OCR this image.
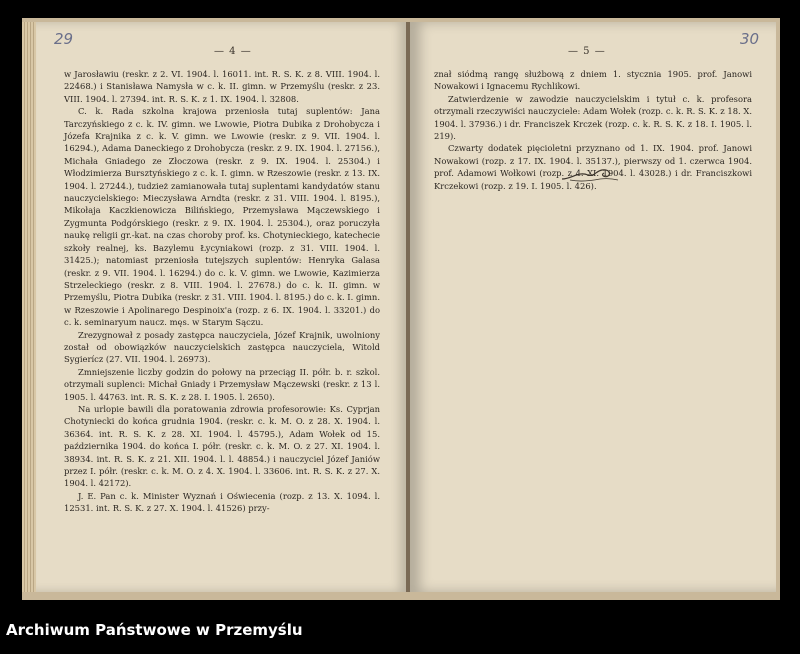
29
— 4 —

w Jarosławiu (reskr. z 2. VI. 1904. l. 16011. int. R. S. K. z 8. VIII. 1904. l. 22468.) i Stanisława Namysła w c. k. II. gimn. w Przemyślu (reskr. z 23. VIII. 1904. l. 27394. int. R. S. K. z 1. IX. 1904. l. 32808.

C. k. Rada szkolna krajowa przeniosła tutaj suplentów: Jana Tarczyńskiego z c. k. IV. gimn. we Lwowie, Piotra Dubika z Drohobycza i Józefa Krajnika z c. k. V. gimn. we Lwowie (reskr. z 9. VII. 1904. l. 16294.), Adama Daneckiego z Drohobycza (reskr. z 9. IX. 1904. l. 27156.), Michała Gniadego ze Złoczowa (reskr. z 9. IX. 1904. l. 25304.) i Włodzimierza Bursztyńskiego z c. k. I. gimn. w Rzeszowie (reskr. z 13. IX. 1904. l. 27244.), tudzież zamianowała tutaj suplentami kandydatów stanu nauczycielskiego: Mieczysława Arndta (reskr. z 31. VIII. 1904. l. 8195.), Mikołaja Kaczkienowicza Bilińskiego, Przemysława Mączewskiego i Zygmunta Podgórskiego (reskr. z 9. IX. 1904. l. 25304.), oraz poruczyła naukę religii gr.-kat. na czas choroby prof. ks. Chotynieckiego, katechecie szkoły realnej, ks. Bazylemu Łycyniakowi (rozp. z 31. VIII. 1904. l. 31425.); natomiast przeniosła tutejszych suplentów: Henryka Galasa (reskr. z 9. VII. 1904. l. 16294.) do c. k. V. gimn. we Lwowie, Kazimierza Strzeleckiego (reskr. z 8. VIII. 1904. l. 27678.) do c. k. II. gimn. w Przemyślu, Piotra Dubika (reskr. z 31. VIII. 1904. l. 8195.) do c. k. I. gimn. w Rzeszowie i Apolinarego Despinoix'a (rozp. z 6. IX. 1904. l. 33201.) do c. k. seminaryum naucz. męs. w Starym Sączu.

Zrezygnował z posady zastępca nauczyciela, Józef Krajnik, uwolniony został od obowiązków nauczycielskich zastępca nauczyciela, Witold Sygierícz (27. VII. 1904. l. 26973).

Zmniejszenie liczby godzin do połowy na przeciąg II. półr. b. r. szkol. otrzymali suplenci: Michał Gniady i Przemysław Mączewski (reskr. z 13 l. 1905. l. 44763. int. R. S. K. z 28. I. 1905. l. 2650).

Na urlopie bawili dla poratowania zdrowia profesorowie: Ks. Cyprjan Chotyniecki do końca grudnia 1904. (reskr. c. k. M. O. z 28. X. 1904. l. 36364. int. R. S. K. z 28. XI. 1904. l. 45795.), Adam Wołek od 15. października 1904. do końca I. półr. (reskr. c. k. M. O. z 27. XI. 1904. l. 38934. int. R. S. K. z 21. XII. 1904. l. l. 48854.) i nauczyciel Józef Janiów przez I. półr. (reskr. c. k. M. O. z 4. X. 1904. l. 33606. int. R. S. K. z 27. X. 1904. l. 42172).

J. E. Pan c. k. Minister Wyznań i Oświecenia (rozp. z 13. X. 1094. l. 12531. int. R. S. K. z 27. X. 1904. l. 41526) przy-

30
— 5 —

znał siódmą rangę służbową z dniem 1. stycznia 1905. prof. Janowi Nowakowi i Ignacemu Rychlikowi.

Zatwierdzenie w zawodzie nauczycielskim i tytuł c. k. profesora otrzymali rzeczywiści nauczyciele: Adam Wołek (rozp. c. k. R. S. K. z 18. X. 1904. l. 37936.) i dr. Franciszek Krczek (rozp. c. k. R. S. K. z 18. I. 1905. l. 219).

Czwarty dodatek pięcioletni przyznano od 1. IX. 1904. prof. Janowi Nowakowi (rozp. z 17. IX. 1904. l. 35137.), pierwszy od 1. czerwca 1904. prof. Adamowi Wołkowi (rozp. z 4. XI. 1904. l. 43028.) i dr. Franciszkowi Krczekowi (rozp. z 19. I. 1905. l. 426).

Archiwum Państwowe w Przemyślu
